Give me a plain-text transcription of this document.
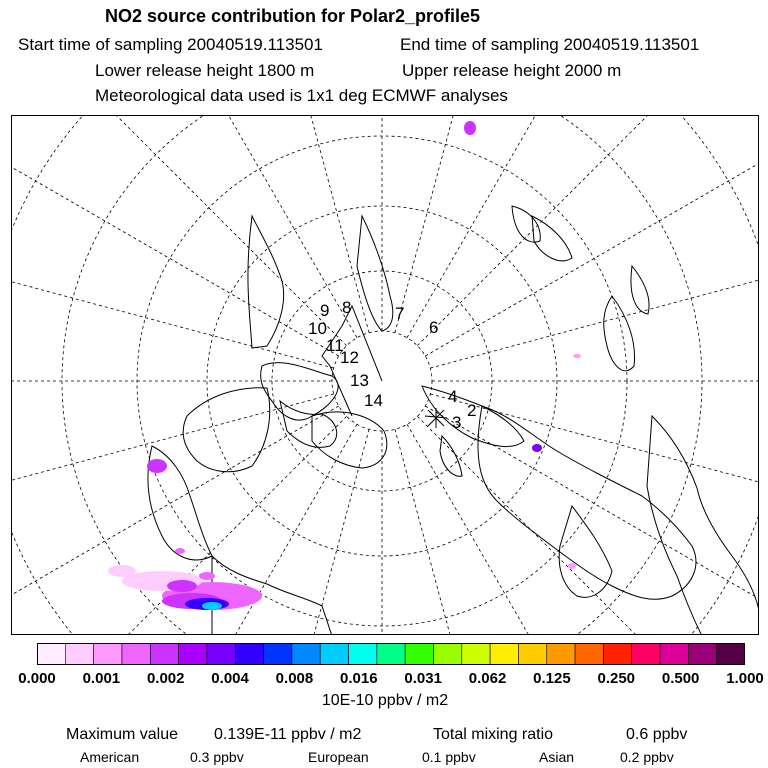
NO2 source contribution for Polar2_profile5
Start time of sampling 20040519.113501	End time of sampling 20040519.113501
Lower release height 1800 m	Upper release height 2000 m
Meteorological data used is 1x1 deg ECMWF analyses
9 8	7
6
10
11
12
13
14	4
3
2
0.000 0.001 0.002 0.004 0.008 0.016 0.031 0.062 0.125 0.250 0.500 1.000
10E-10 ppbv / m2
Maximum value 0.139E-11 ppbv / m2	Total mixing ratio	0.6 ppbv
American	0.3 ppbv	European	0.1 ppbv	Asian	0.2 ppbv
